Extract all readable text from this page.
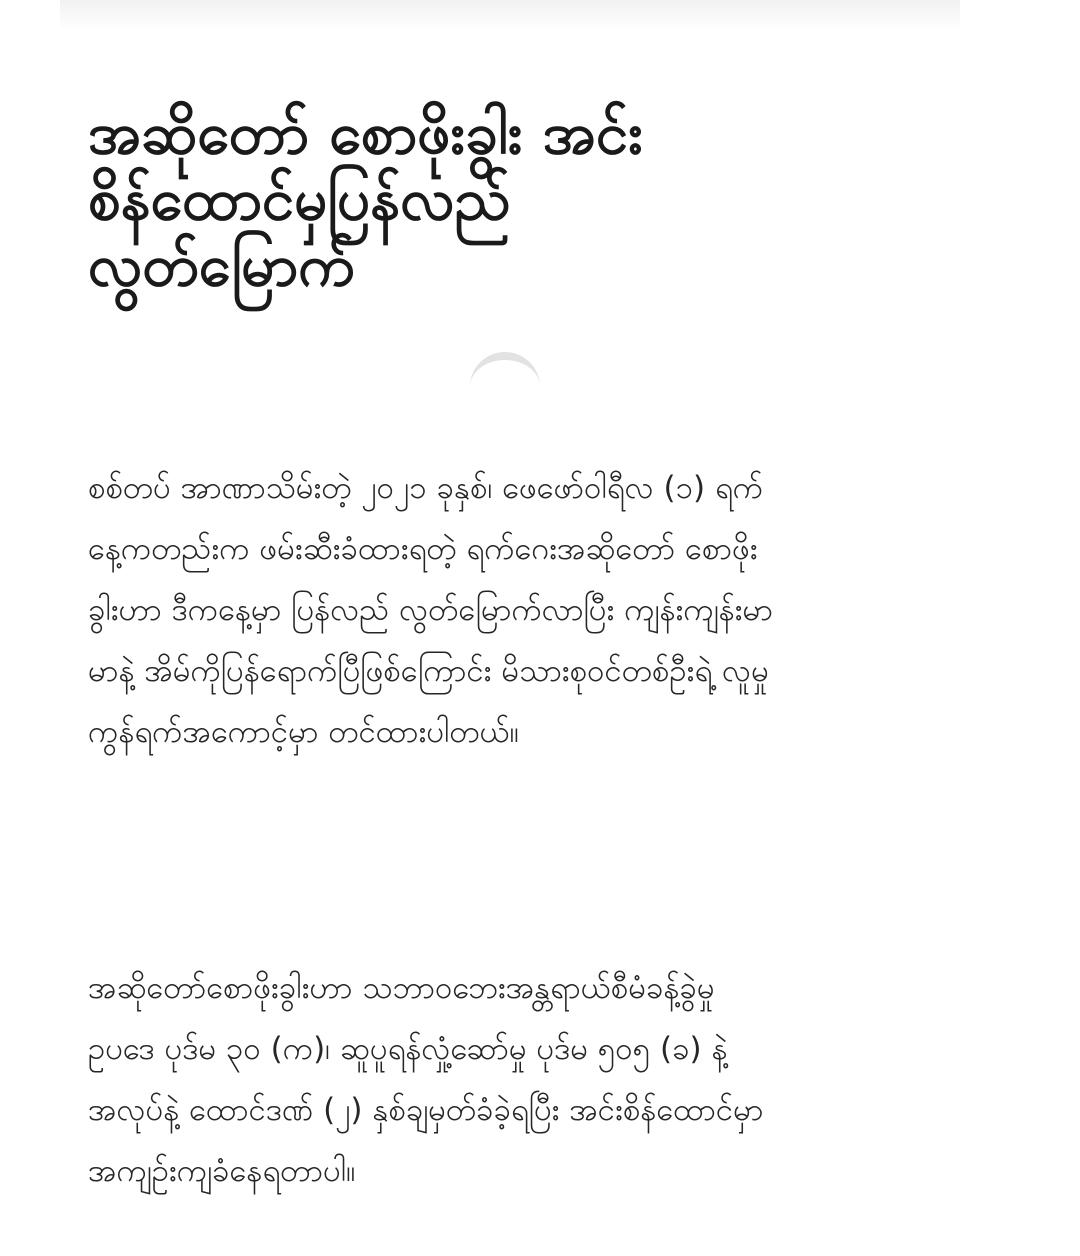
အဆိုတော် စောဖိုးခွါး အင်း
စိန်ထောင်မှပြန်လည်
လွတ်မြောက်

စစ်တပ် အာဏာသိမ်းတဲ့ ၂၀၂၁ ခုနှစ်၊ ဖေဖော်ဝါရီလ (၁) ရက်
နေ့ကတည်းက ဖမ်းဆီးခံထားရတဲ့ ရက်ဂေးအဆိုတော် စောဖိုး
ခွါးဟာ ဒီကနေ့မှာ ပြန်လည် လွတ်မြောက်လာပြီး ကျန်းကျန်းမာ
မာနဲ့ အိမ်ကိုပြန်ရောက်ပြီဖြစ်ကြောင်း မိသားစုဝင်တစ်ဦးရဲ့ လူမှု
ကွန်ရက်အကောင့်မှာ တင်ထားပါတယ်။

အဆိုတော်စောဖိုးခွါးဟာ သဘာဝဘေးအန္တရာယ်စီမံခန့်ခွဲမှု
ဥပဒေ ပုဒ်မ ၃၀ (က)၊ ဆူပူရန်လှုံ့ဆော်မှု ပုဒ်မ ၅၀၅ (ခ) နဲ့
အလုပ်နဲ့ ထောင်ဒဏ် (၂) နှစ်ချမှတ်ခံခဲ့ရပြီး အင်းစိန်ထောင်မှာ
အကျဉ်းကျခံနေရတာပါ။
